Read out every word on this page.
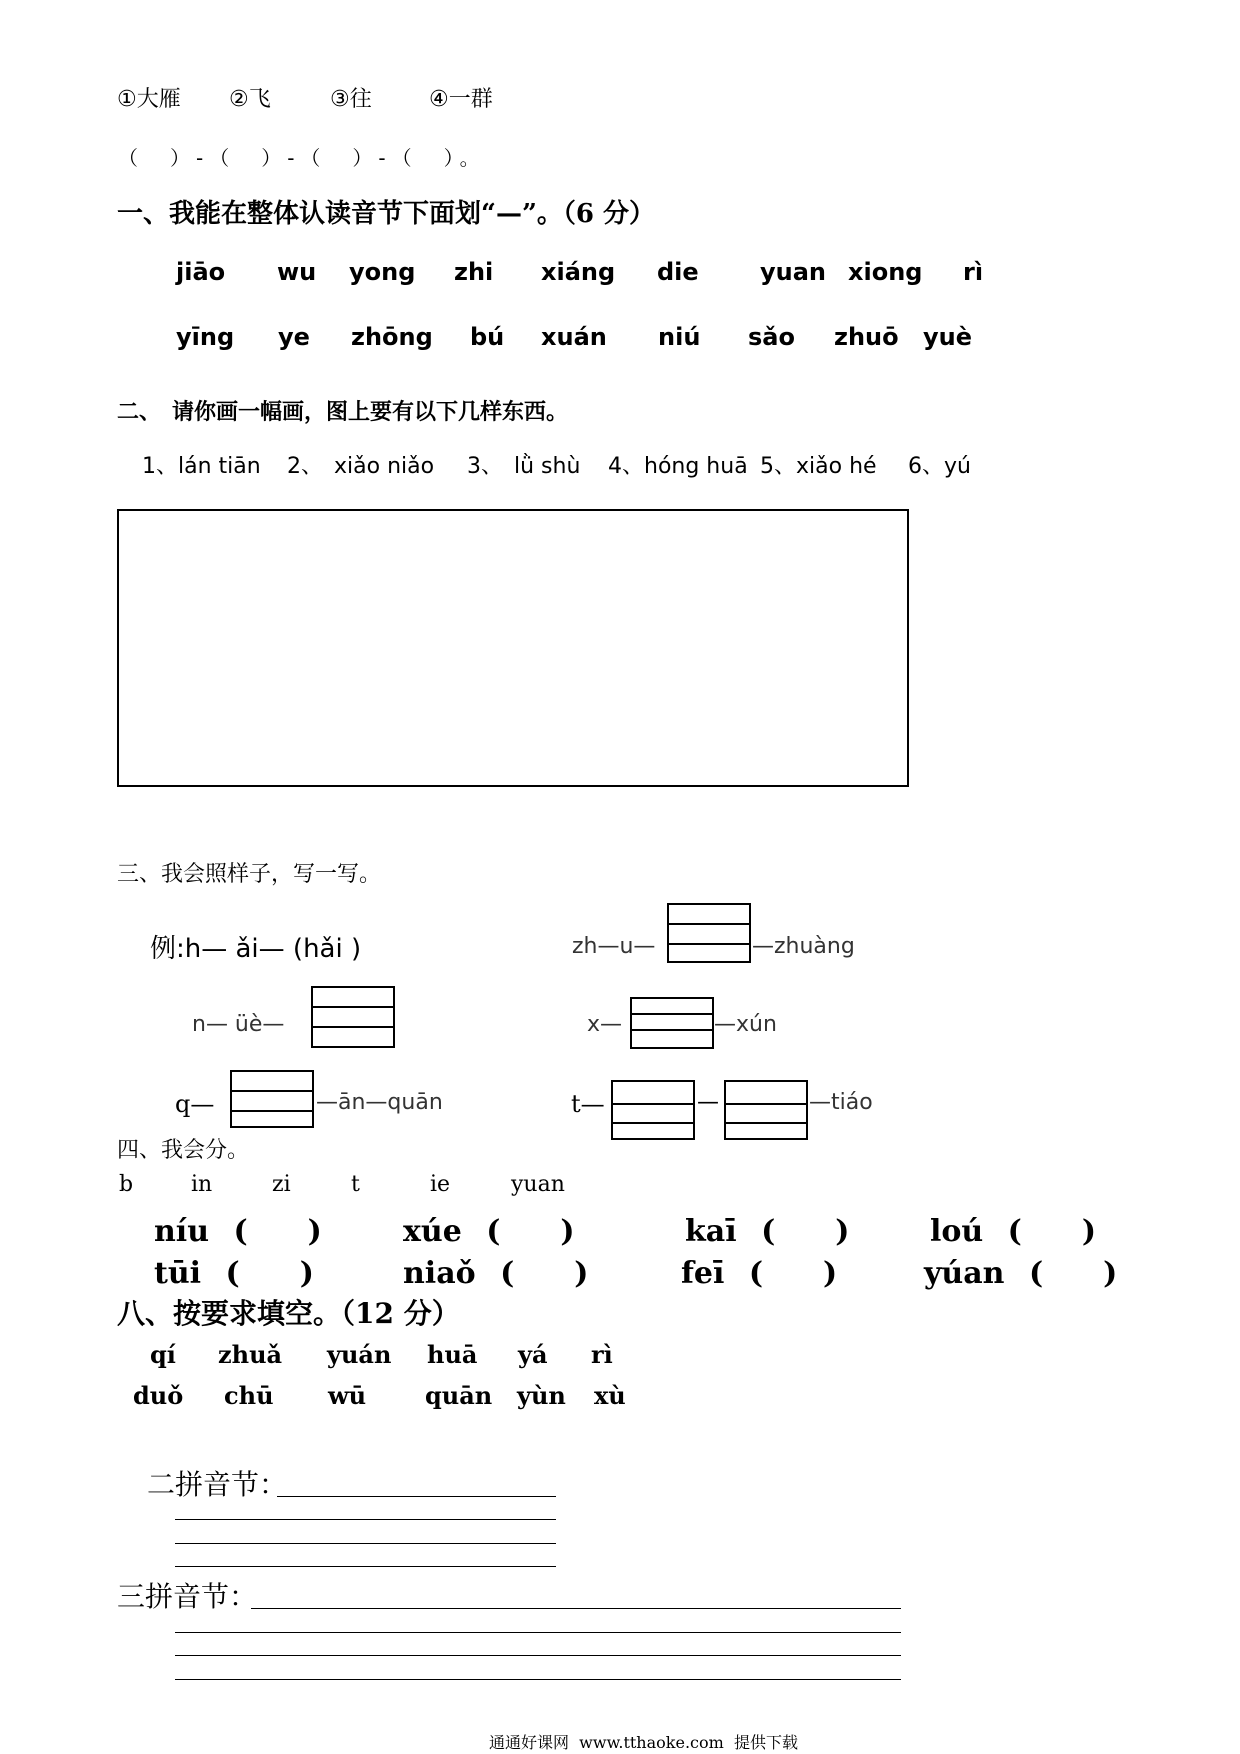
①大雁 ②飞	③往	④一群
（　）-（　）-（　）-（　）。
一、我能在整体认读音节下面划“—”。（6 分）
jiāo wu yong zhi xiáng die	yuan xiong rì
yīng ye zhōng bú xuán niú sǎo zhuō yuè
二、　请你画一幅画，图上要有以下几样东西。
1、lán tiān 2、　xiǎo niǎo 3、　lǜ shù 4、hóng huā 5、xiǎo hé 6、yú
三、我会照样子，写一写。
例:h— ǎi— (hǎi )	zh—u—	—zhuàng
n— üè—	x—	—xún
q—	—ān—quān	t—	—	—tiáo
四、我会分。
b	in	zi	t	ie	yuan
níu (　　)	xúe (　　)	kaī (　　)	loú (　　)
tūi (　　)	niaǒ (　　)	feī (　　)	yúan (　　)
八、按要求填空。（12 分）
qí zhuǎ yuán huā yá rì
duǒ chū wū quān yùn xù
二拼音节：
三拼音节：
通通好课网  www.tthaoke.com  提供下载
